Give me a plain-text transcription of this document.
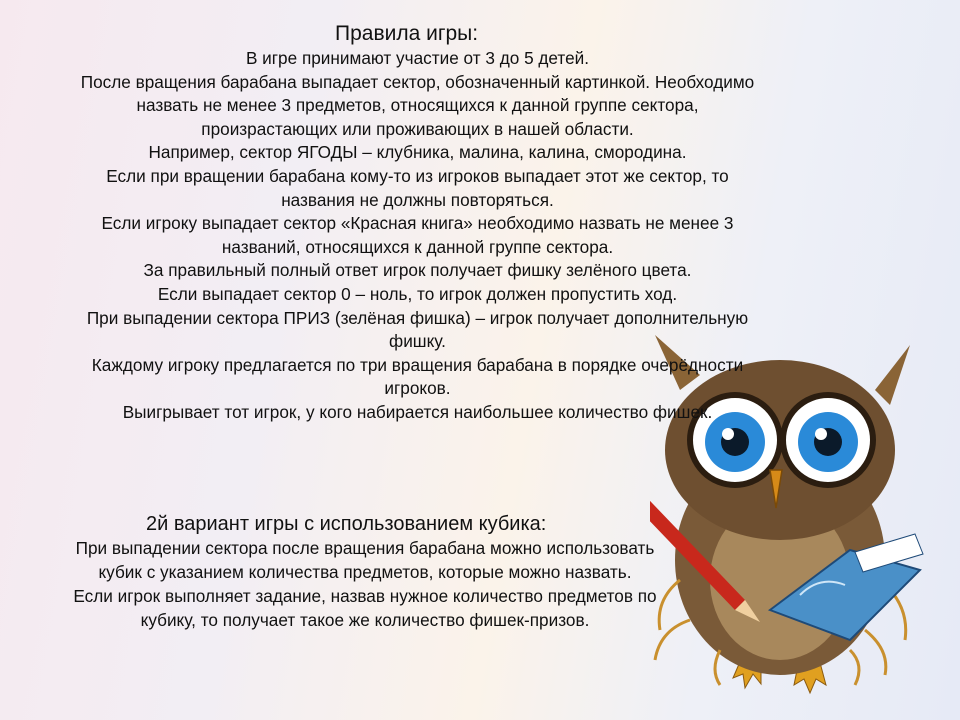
Правила игры:
В игре принимают участие от 3 до 5 детей.
После вращения барабана выпадает сектор, обозначенный картинкой. Необходимо
назвать не менее 3 предметов, относящихся к данной группе сектора,
произрастающих или проживающих в нашей области.
Например, сектор ЯГОДЫ – клубника, малина, калина, смородина.
Если при вращении барабана кому-то из игроков выпадает этот же сектор, то
названия не должны повторяться.
Если игроку выпадает сектор «Красная книга» необходимо назвать не менее 3
названий, относящихся к данной группе сектора.
За правильный полный ответ игрок получает фишку зелёного цвета.
Если выпадает сектор 0 – ноль, то игрок должен пропустить ход.
При выпадении сектора ПРИЗ (зелёная фишка) – игрок получает дополнительную
фишку.
Каждому игроку предлагается по три вращения барабана в порядке очерёдности
игроков.
Выигрывает тот игрок, у кого набирается наибольшее количество фишек.
2й вариант игры с использованием кубика:
При выпадении сектора после вращения барабана можно использовать
кубик с указанием количества предметов, которые можно назвать.
Если игрок выполняет задание, назвав нужное количество предметов по
кубику, то получает такое же количество фишек-призов.
